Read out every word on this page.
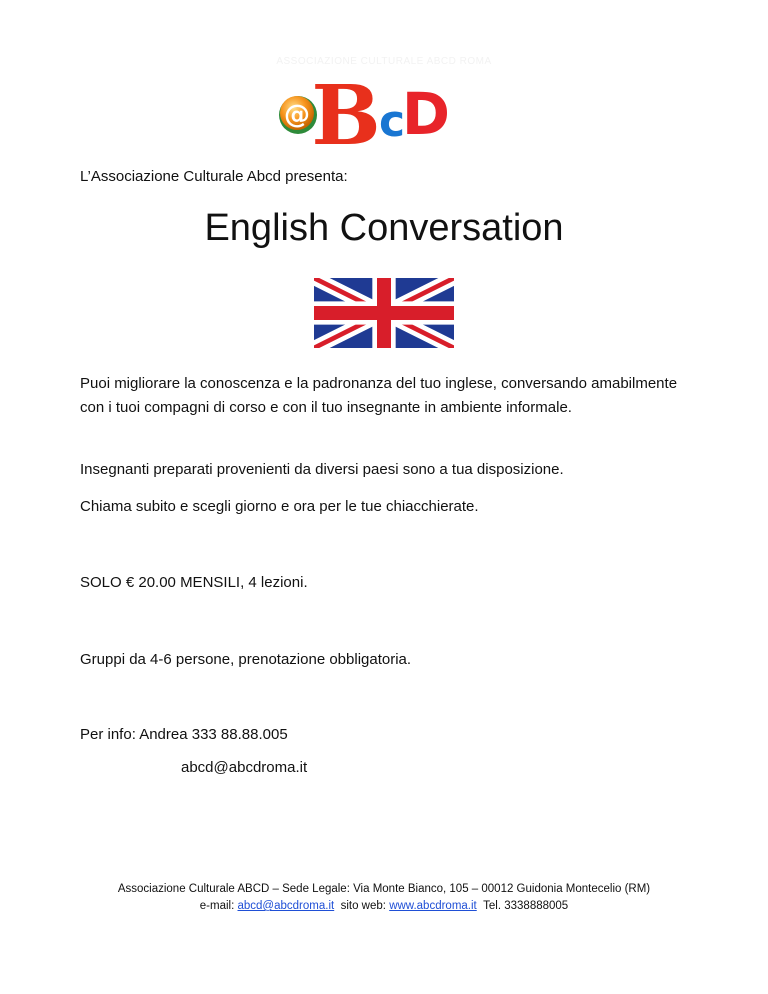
ASSOCIAZIONE CULTURALE ABCD ROMA
@ B
c
D
L’Associazione Culturale Abcd presenta:
English Conversation
Puoi migliorare la conoscenza e la padronanza del tuo inglese, conversando amabilmente con i tuoi compagni di corso e con il tuo insegnante in ambiente informale.
Insegnanti preparati provenienti da diversi paesi sono a tua disposizione.
Chiama subito e scegli giorno e ora per le tue chiacchierate.
SOLO € 20.00 MENSILI, 4 lezioni.
Gruppi da 4-6 persone, prenotazione obbligatoria.
Per info: Andrea 333 88.88.005
abcd@abcdroma.it
Associazione Culturale ABCD – Sede Legale: Via Monte Bianco, 105 – 00012 Guidonia Montecelio (RM)
e-mail: abcd@abcdroma.it sito web: www.abcdroma.it Tel. 3338888005
